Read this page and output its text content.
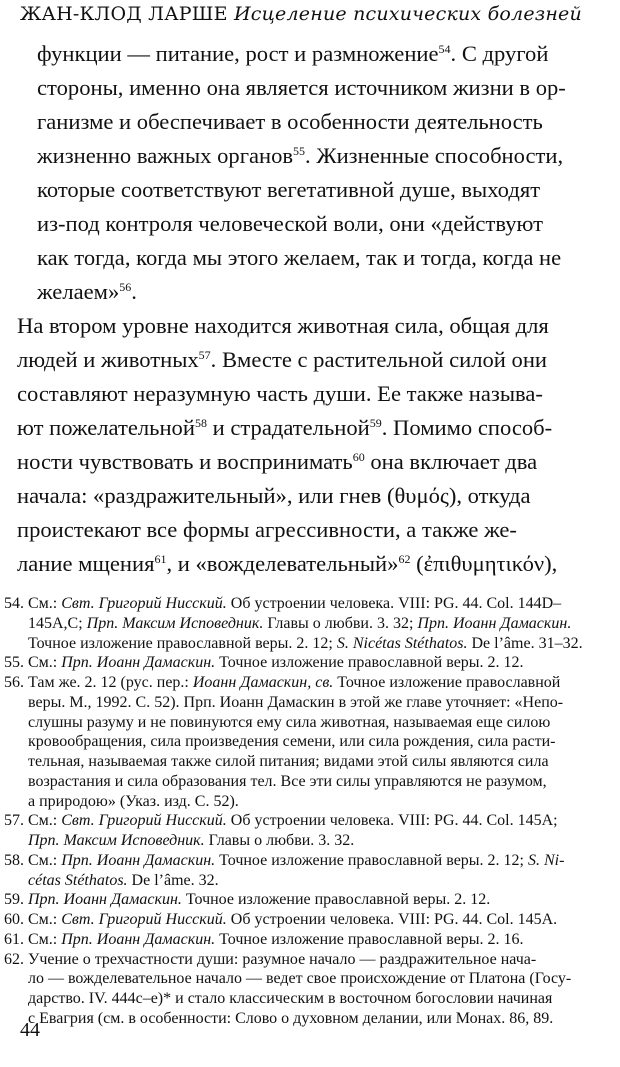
ЖАН-КЛОД ЛАРШЕ Исцеление психических болезней
функции — питание, рост и размножение$^{54}$. С другой
стороны, именно она является источником жизни в ор-
ганизме и обеспечивает в особенности деятельность
жизненно важных органов$^{55}$. Жизненные способности,
которые соответствуют вегетативной душе, выходят
из-под контроля человеческой воли, они «действуют
как тогда, когда мы этого желаем, так и тогда, когда не
желаем»$^{56}$.
На втором уровне находится животная сила, общая для
людей и животных$^{57}$. Вместе с растительной силой они
составляют неразумную часть души. Ее также называ-
ют пожелательной$^{58}$ и страдательной$^{59}$. Помимо способ-
ности чувствовать и воспринимать$^{60}$ она включает два
начала: «раздражительный», или гнев (θυμός), откуда
проистекают все формы агрессивности, а также же-
лание мщения$^{61}$, и «вожделевательный»$^{62}$ (ἐπιθυμητικόν),
54. См.: Свт. Григорий Нисский. Об устроении человека. VIII: PG. 44. Col. 144D–
145A,C; Прп. Максим Исповедник. Главы о любви. 3. 32; Прп. Иоанн Дамаскин.
Точное изложение православной веры. 2. 12; S. Nicétas Stéthatos. De l’âme. 31–32.
55. См.: Прп. Иоанн Дамаскин. Точное изложение православной веры. 2. 12.
56. Там же. 2. 12 (рус. пер.: Иоанн Дамаскин, св. Точное изложение православной
веры. М., 1992. С. 52). Прп. Иоанн Дамаскин в этой же главе уточняет: «Непо-
слушны разуму и не повинуются ему сила животная, называемая еще силою
кровообращения, сила произведения семени, или сила рождения, сила расти-
тельная, называемая также силой питания; видами этой силы являются сила
возрастания и сила образования тел. Все эти силы управляются не разумом,
а природою» (Указ. изд. С. 52).
57. См.: Свт. Григорий Нисский. Об устроении человека. VIII: PG. 44. Col. 145A;
Прп. Максим Исповедник. Главы о любви. 3. 32.
58. См.: Прп. Иоанн Дамаскин. Точное изложение православной веры. 2. 12; S. Ni-
cétas Stéthatos. De l’âme. 32.
59. Прп. Иоанн Дамаскин. Точное изложение православной веры. 2. 12.
60. См.: Свт. Григорий Нисский. Об устроении человека. VIII: PG. 44. Col. 145A.
61. См.: Прп. Иоанн Дамаскин. Точное изложение православной веры. 2. 16.
62. Учение о трехчастности души: разумное начало — раздражительное нача-
ло — вожделевательное начало — ведет свое происхождение от Платона (Госу-
дарство. IV. 444c–e)* и стало классическим в восточном богословии начиная
с Евагрия (см. в особенности: Слово о духовном делании, или Монах. 86, 89.
44
